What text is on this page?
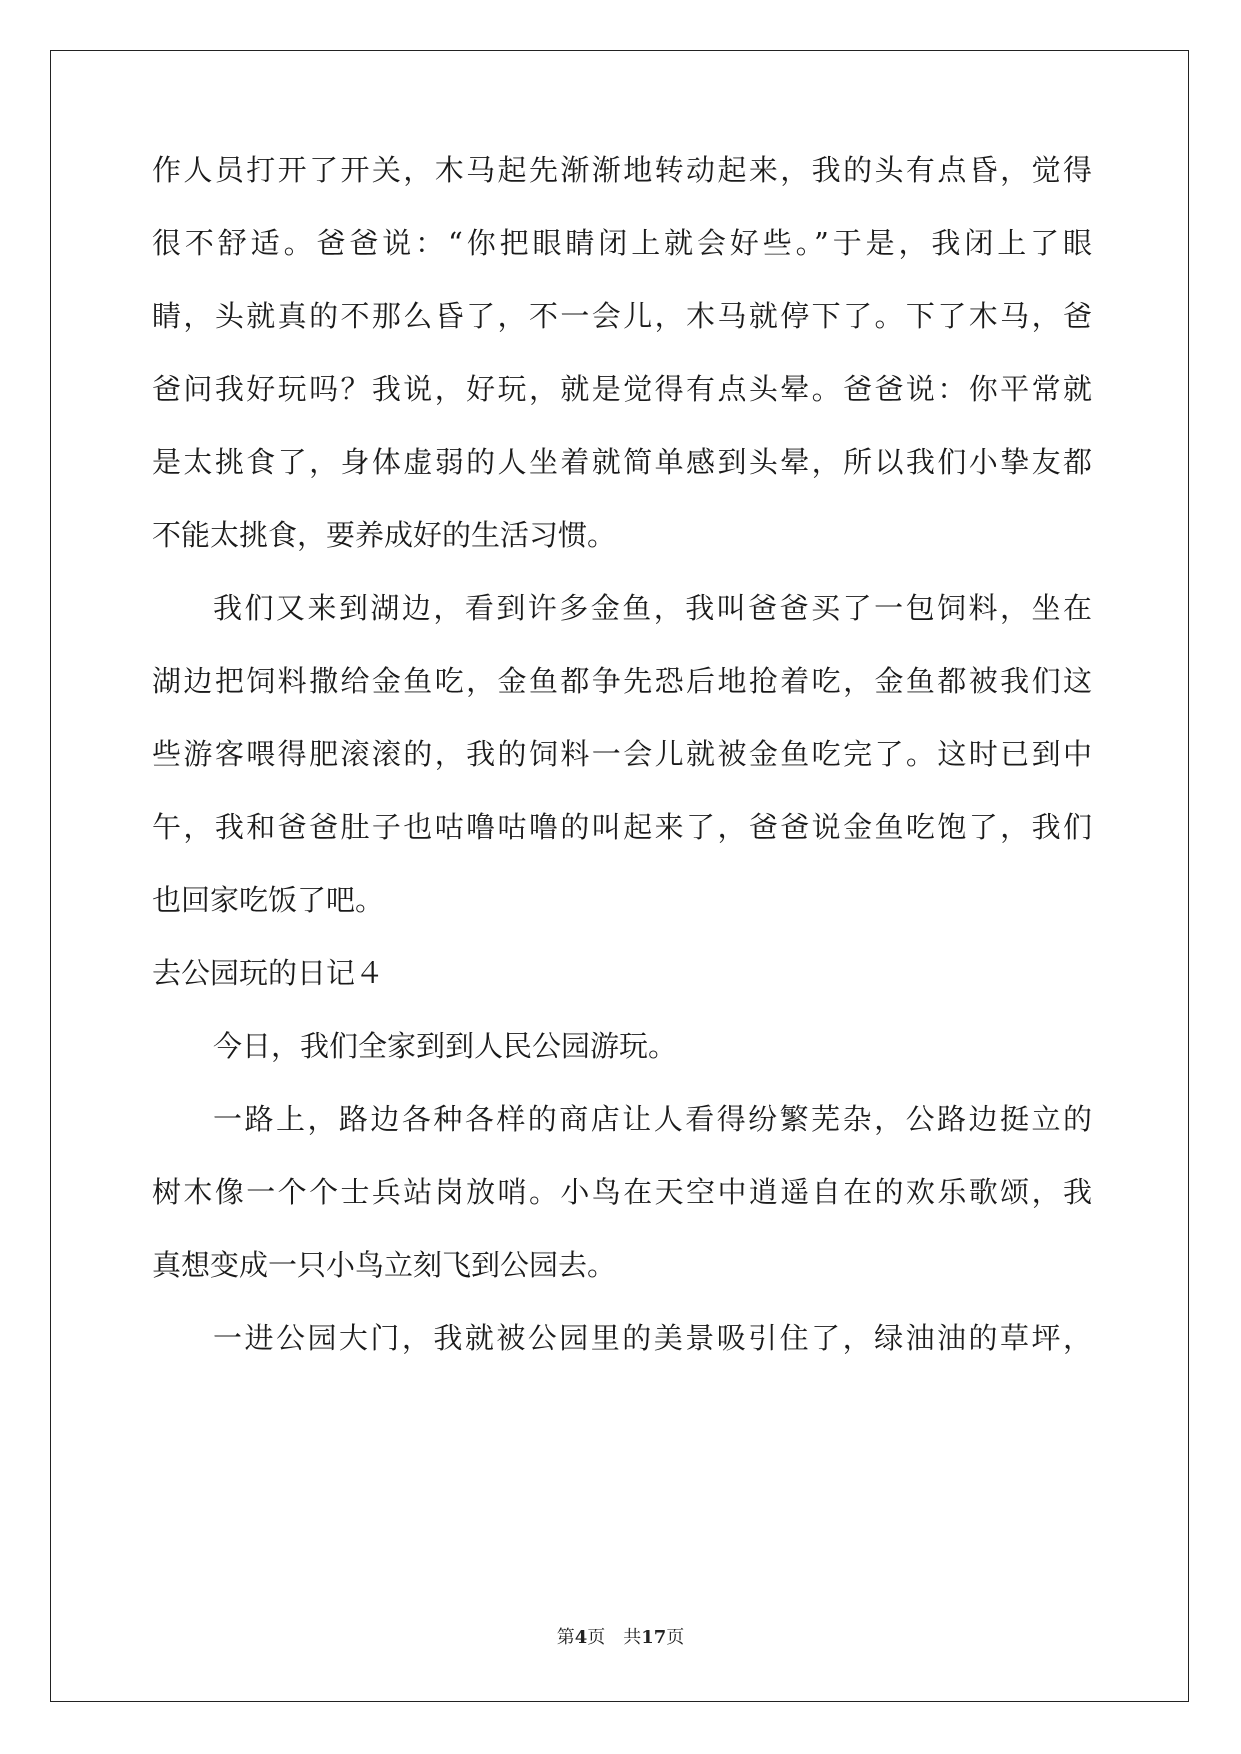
作人员打开了开关，木马起先渐渐地转动起来，我的头有点昏，觉得
很不舒适。爸爸说：“你把眼睛闭上就会好些。”于是，我闭上了眼
睛，头就真的不那么昏了，不一会儿，木马就停下了。下了木马，爸
爸问我好玩吗？我说，好玩，就是觉得有点头晕。爸爸说：你平常就
是太挑食了，身体虚弱的人坐着就简单感到头晕，所以我们小挚友都
不能太挑食，要养成好的生活习惯。
我们又来到湖边，看到许多金鱼，我叫爸爸买了一包饲料，坐在
湖边把饲料撒给金鱼吃，金鱼都争先恐后地抢着吃，金鱼都被我们这
些游客喂得肥滚滚的，我的饲料一会儿就被金鱼吃完了。这时已到中
午，我和爸爸肚子也咕噜咕噜的叫起来了，爸爸说金鱼吃饱了，我们
也回家吃饭了吧。
去公园玩的日记４
今日，我们全家到到人民公园游玩。
一路上，路边各种各样的商店让人看得纷繁芜杂，公路边挺立的
树木像一个个士兵站岗放哨。小鸟在天空中逍遥自在的欢乐歌颂，我
真想变成一只小鸟立刻飞到公园去。
一进公园大门，我就被公园里的美景吸引住了，绿油油的草坪，
第4页 共17页
